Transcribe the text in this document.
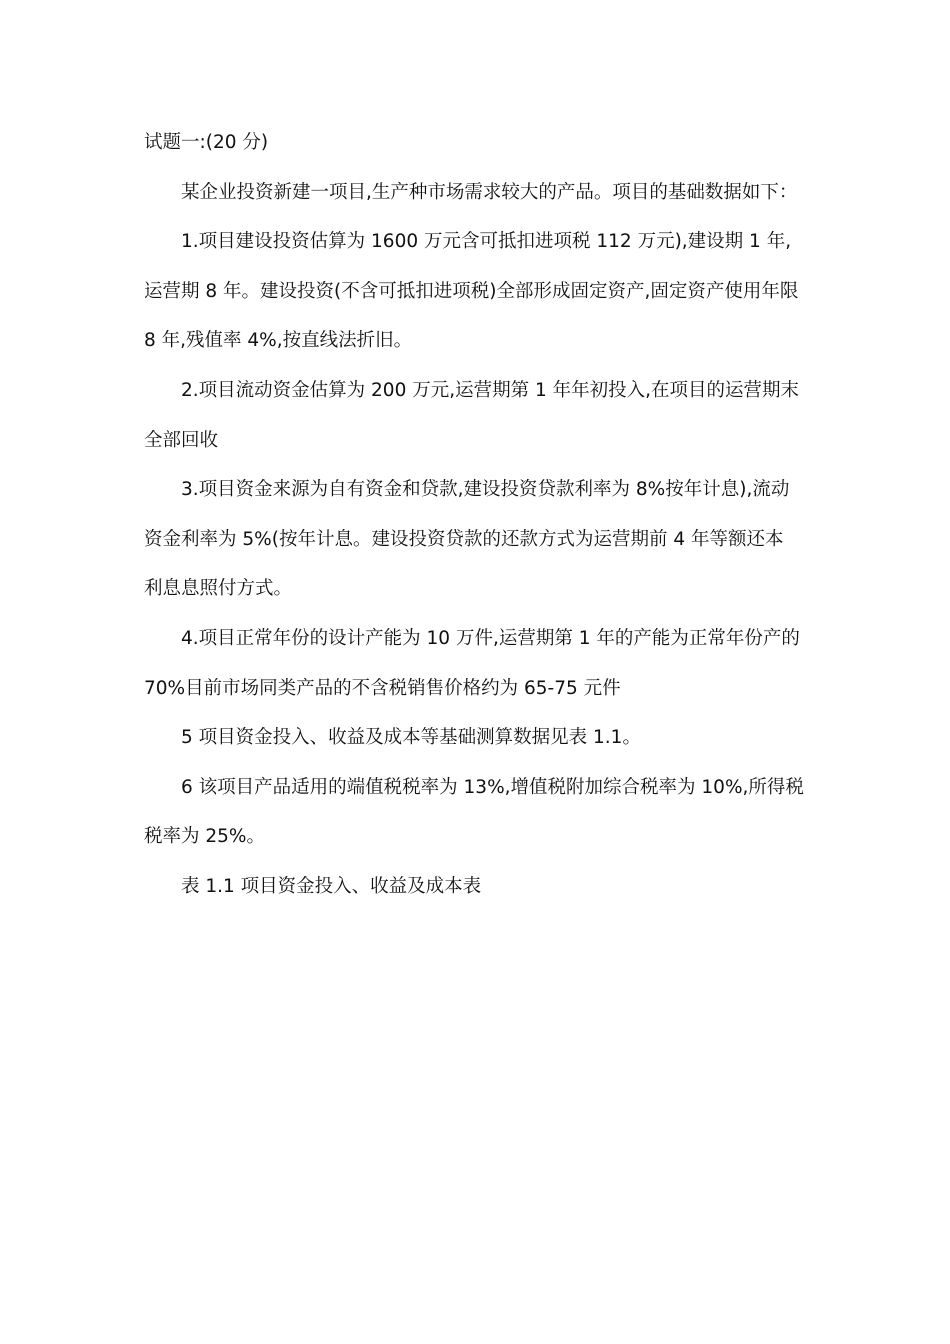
试题一:(20 分)
某企业投资新建一项目,生产种市场需求较大的产品。项目的基础数据如下：
1.项目建设投资估算为 1600 万元含可抵扣进项税 112 万元),建设期 1 年,
运营期 8 年。建设投资(不含可抵扣进项税)全部形成固定资产,固定资产使用年限
8 年,残值率 4%,按直线法折旧。
2.项目流动资金估算为 200 万元,运营期第 1 年年初投入,在项目的运营期末
全部回收
3.项目资金来源为自有资金和贷款,建设投资贷款利率为 8%按年计息),流动
资金利率为 5%(按年计息。建设投资贷款的还款方式为运营期前 4 年等额还本
利息息照付方式。
4.项目正常年份的设计产能为 10 万件,运营期第 1 年的产能为正常年份产的
70%目前市场同类产品的不含税销售价格约为 65-75 元件
5 项目资金投入、收益及成本等基础测算数据见表 1.1。
6 该项目产品适用的端值税税率为 13%,增值税附加综合税率为 10%,所得税
税率为 25%。
表 1.1 项目资金投入、收益及成本表
